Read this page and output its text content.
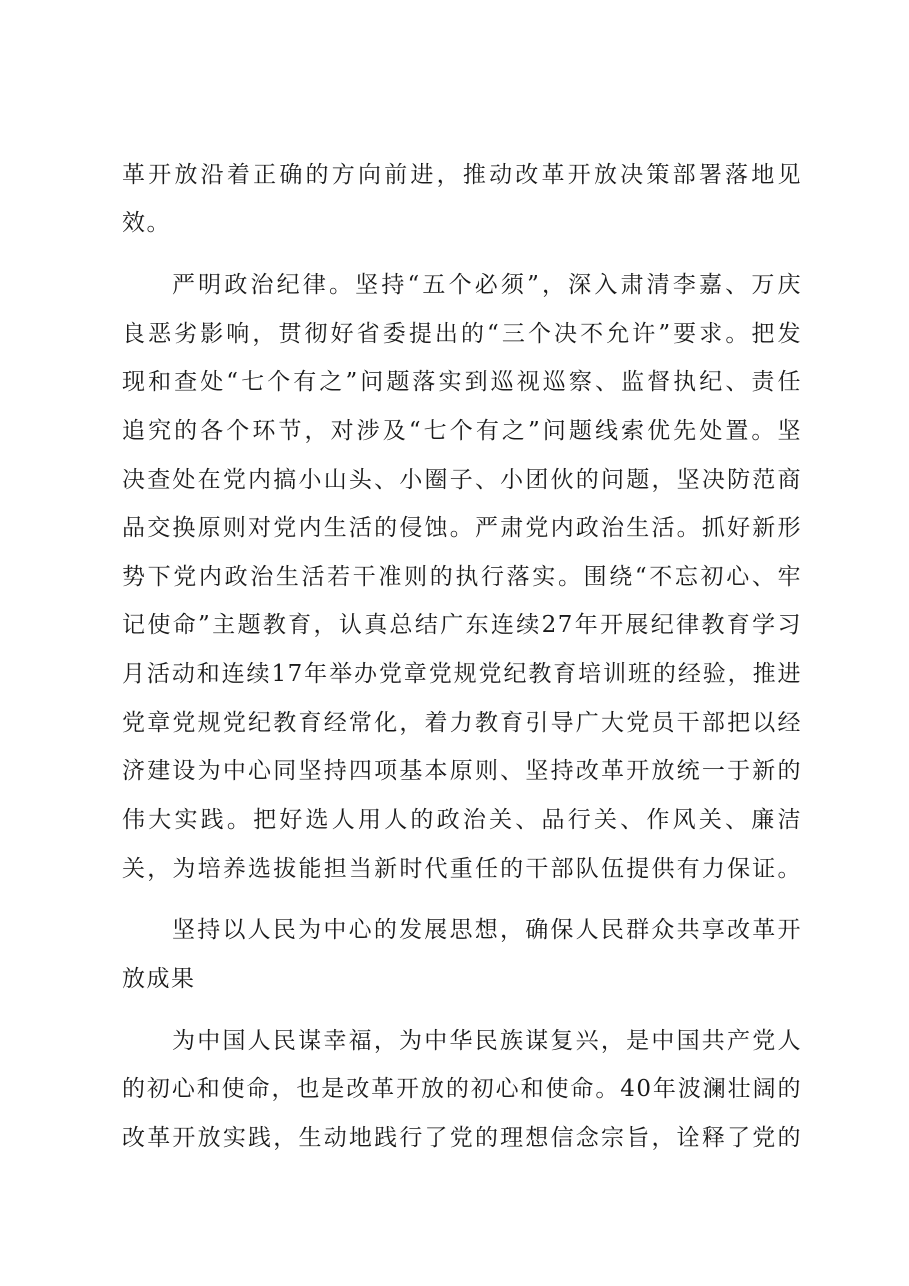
革开放沿着正确的方向前进，推动改革开放决策部署落地见
效。
严明政治纪律。坚持“五个必须”，深入肃清李嘉、万庆
良恶劣影响，贯彻好省委提出的“三个决不允许”要求。把发
现和查处“七个有之”问题落实到巡视巡察、监督执纪、责任
追究的各个环节，对涉及“七个有之”问题线索优先处置。坚
决查处在党内搞小山头、小圈子、小团伙的问题，坚决防范商
品交换原则对党内生活的侵蚀。严肃党内政治生活。抓好新形
势下党内政治生活若干准则的执行落实。围绕“不忘初心、牢
记使命”主题教育，认真总结广东连续27年开展纪律教育学习
月活动和连续17年举办党章党规党纪教育培训班的经验，推进
党章党规党纪教育经常化，着力教育引导广大党员干部把以经
济建设为中心同坚持四项基本原则、坚持改革开放统一于新的
伟大实践。把好选人用人的政治关、品行关、作风关、廉洁
关，为培养选拔能担当新时代重任的干部队伍提供有力保证。
坚持以人民为中心的发展思想，确保人民群众共享改革开
放成果
为中国人民谋幸福，为中华民族谋复兴，是中国共产党人
的初心和使命，也是改革开放的初心和使命。40年波澜壮阔的
改革开放实践，生动地践行了党的理想信念宗旨，诠释了党的
